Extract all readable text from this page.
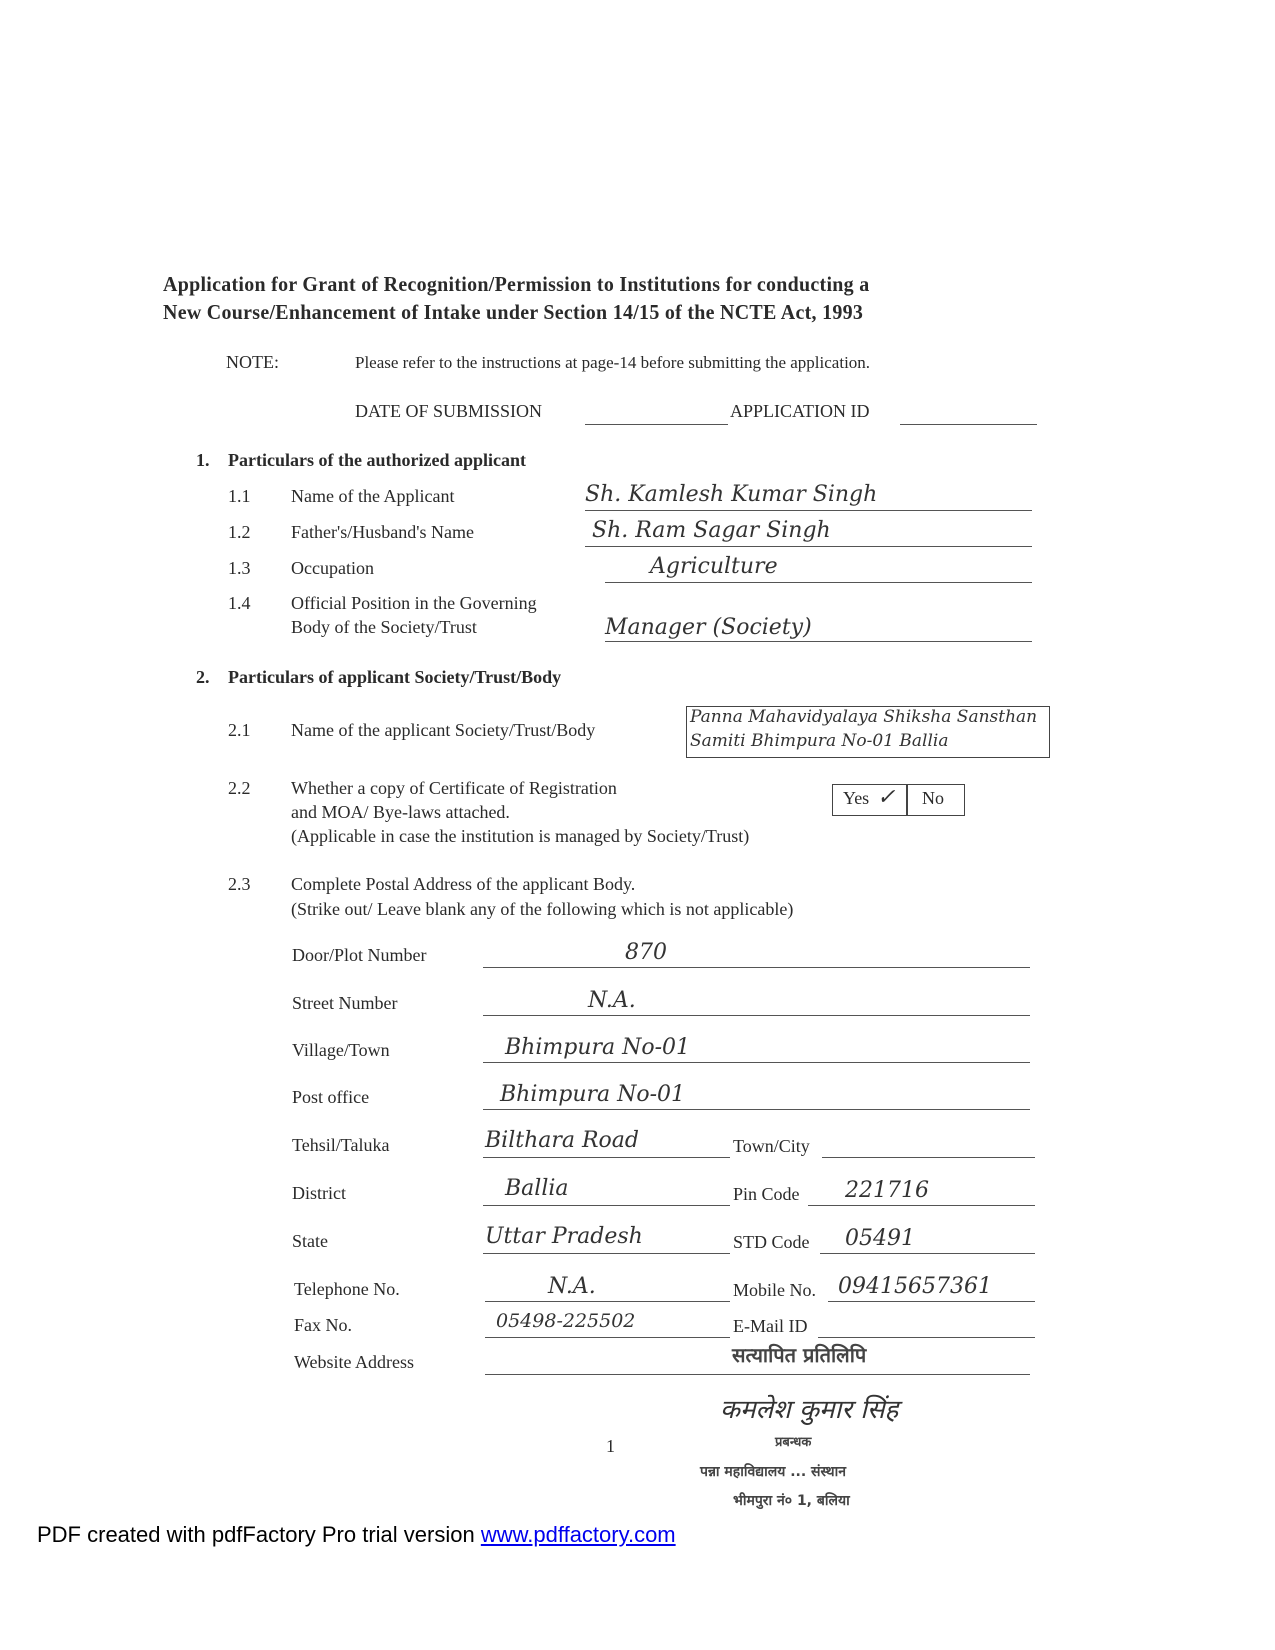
Application for Grant of Recognition/Permission to Institutions for conducting a
New Course/Enhancement of Intake under Section 14/15 of the NCTE Act, 1993
NOTE:	Please refer to the instructions at page-14 before submitting the application.
DATE OF SUBMISSION	APPLICATION ID
1. Particulars of the authorized applicant
1.1 Name of the Applicant	Sh. Kamlesh Kumar Singh
1.2 Father's/Husband's Name	Sh. Ram Sagar Singh
1.3 Occupation	Agriculture
1.4 Official Position in the Governing
Body of the Society/Trust	Manager (Society)
2. Particulars of applicant Society/Trust/Body
2.1 Name of the applicant Society/Trust/Body
Panna Mahavidyalaya Shiksha Sansthan
Samiti Bhimpura No-01 Ballia
2.2 Whether a copy of Certificate of Registration
and MOA/ Bye-laws attached.
(Applicable in case the institution is managed by Society/Trust)
Yes ✓ No
2.3 Complete Postal Address of the applicant Body.
(Strike out/ Leave blank any of the following which is not applicable)
Door/Plot Number	870
Street Number	N.A.
Village/Town	Bhimpura No-01
Post office	Bhimpura No-01
Tehsil/Taluka	Bilthara Road	Town/City
District	Ballia	Pin Code 221716
State	Uttar Pradesh	STD Code 05491
Telephone No.	N.A.	Mobile No. 09415657361
Fax No.	05498-225502	E-Mail ID
Website Address	सत्यापित प्रतिलिपि
कमलेश कुमार सिंह
प्रबन्धक
पन्ना महाविद्यालय ... संस्थान
भीमपुरा नं० 1, बलिया
1
PDF created with pdfFactory Pro trial version www.pdffactory.com
